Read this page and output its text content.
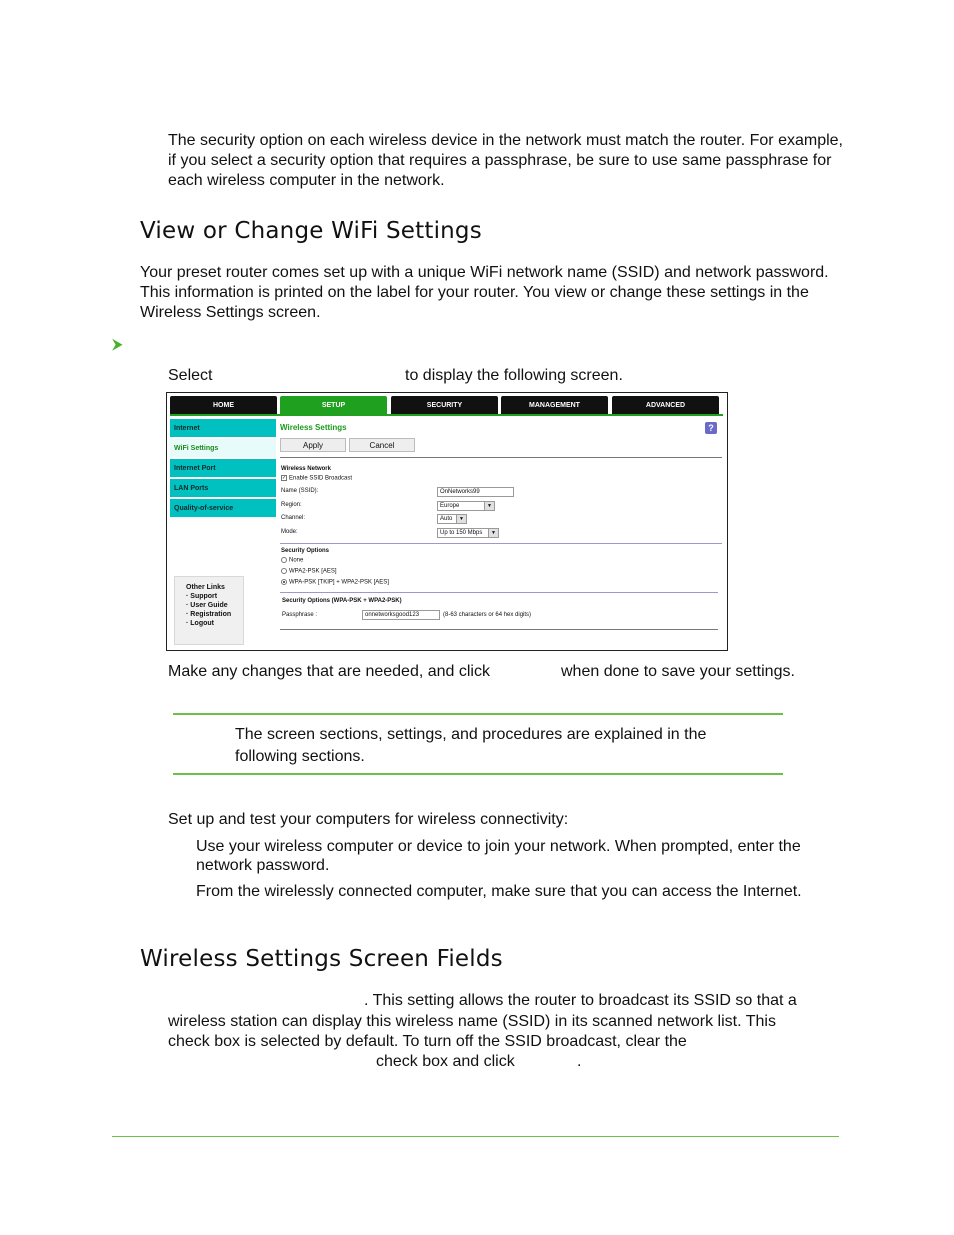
The security option on each wireless device in the network must match the router. For example, if you select a security option that requires a passphrase, be sure to use same passphrase for each wireless computer in the network.

View or Change WiFi Settings

Your preset router comes set up with a unique WiFi network name (SSID) and network password. This information is printed on the label for your router. You view or change these settings in the Wireless Settings screen.

⮞
Select	to display the following screen.
HOME	SETUP	SECURITY	MANAGEMENT	ADVANCED
Internet
WiFi Settings
Internet Port
LAN Ports
Quality-of-service
Other Links
· Support
· User Guide
· Registration
· Logout
Wireless Settings	?
Apply	Cancel
Wireless Network
✓ Enable SSID Broadcast
Name (SSID):	OnNetworks99
Region:	Europe	▼
Channel:	Auto	▼
Mode:	Up to 150 Mbps	▼
Security Options
None
WPA2-PSK [AES]
WPA-PSK [TKIP] + WPA2-PSK [AES]
Security Options (WPA-PSK + WPA2-PSK)
Passphrase :	onnetworksgood123	(8-63 characters or 64 hex digits)
Make any changes that are needed, and click	when done to save your settings.

The screen sections, settings, and procedures are explained in the following sections.

Set up and test your computers for wireless connectivity:

Use your wireless computer or device to join your network. When prompted, enter the network password.

From the wirelessly connected computer, make sure that you can access the Internet.

Wireless Settings Screen Fields
. This setting allows the router to broadcast its SSID so that a
wireless station can display this wireless name (SSID) in its scanned network list. This
check box is selected by default. To turn off the SSID broadcast, clear the
check box and click	.
